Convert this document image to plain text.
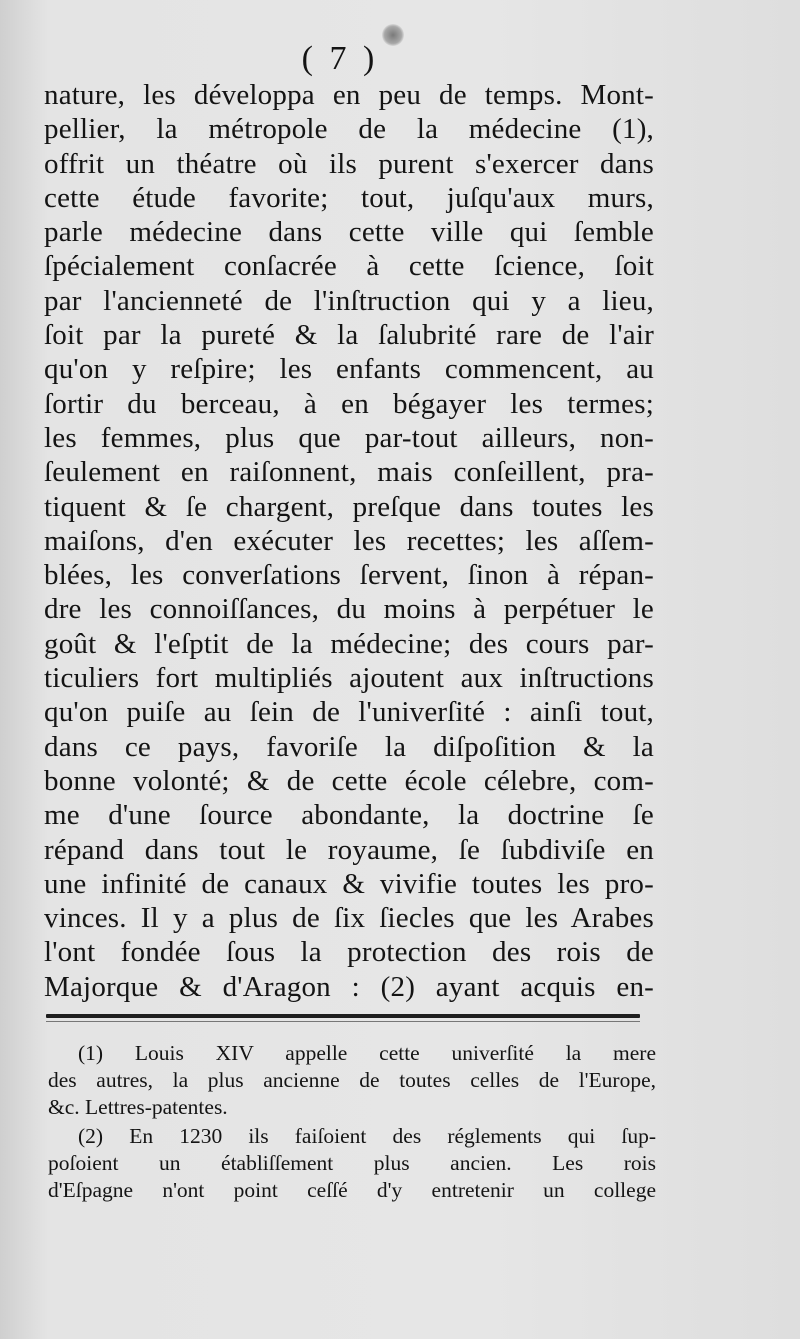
( 7 )
nature, les développa en peu de temps. Mont-
pellier, la métropole de la médecine (1),
offrit un théatre où ils purent s'exercer dans
cette étude favorite; tout, juſqu'aux murs,
parle médecine dans cette ville qui ſemble
ſpécialement conſacrée à cette ſcience, ſoit
par l'ancienneté de l'inſtruction qui y a lieu,
ſoit par la pureté & la ſalubrité rare de l'air
qu'on y reſpire; les enfants commencent, au
ſortir du berceau, à en bégayer les termes;
les femmes, plus que par-tout ailleurs, non-
ſeulement en raiſonnent, mais conſeillent, pra-
tiquent & ſe chargent, preſque dans toutes les
maiſons, d'en exécuter les recettes; les aſſem-
blées, les converſations ſervent, ſinon à répan-
dre les connoiſſances, du moins à perpétuer le
goût & l'eſptit de la médecine; des cours par-
ticuliers fort multipliés ajoutent aux inſtructions
qu'on puiſe au ſein de l'univerſité : ainſi tout,
dans ce pays, favoriſe la diſpoſition & la
bonne volonté; & de cette école célebre, com-
me d'une ſource abondante, la doctrine ſe
répand dans tout le royaume, ſe ſubdiviſe en
une infinité de canaux & vivifie toutes les pro-
vinces. Il y a plus de ſix ſiecles que les Arabes
l'ont fondée ſous la protection des rois de
Majorque & d'Aragon : (2) ayant acquis en-
(1) Louis XIV appelle cette univerſité la mere
des autres, la plus ancienne de toutes celles de l'Europe,
&c. Lettres-patentes.
(2) En 1230 ils faiſoient des réglements qui ſup-
poſoient un établiſſement plus ancien. Les rois
d'Eſpagne n'ont point ceſſé d'y entretenir un college
